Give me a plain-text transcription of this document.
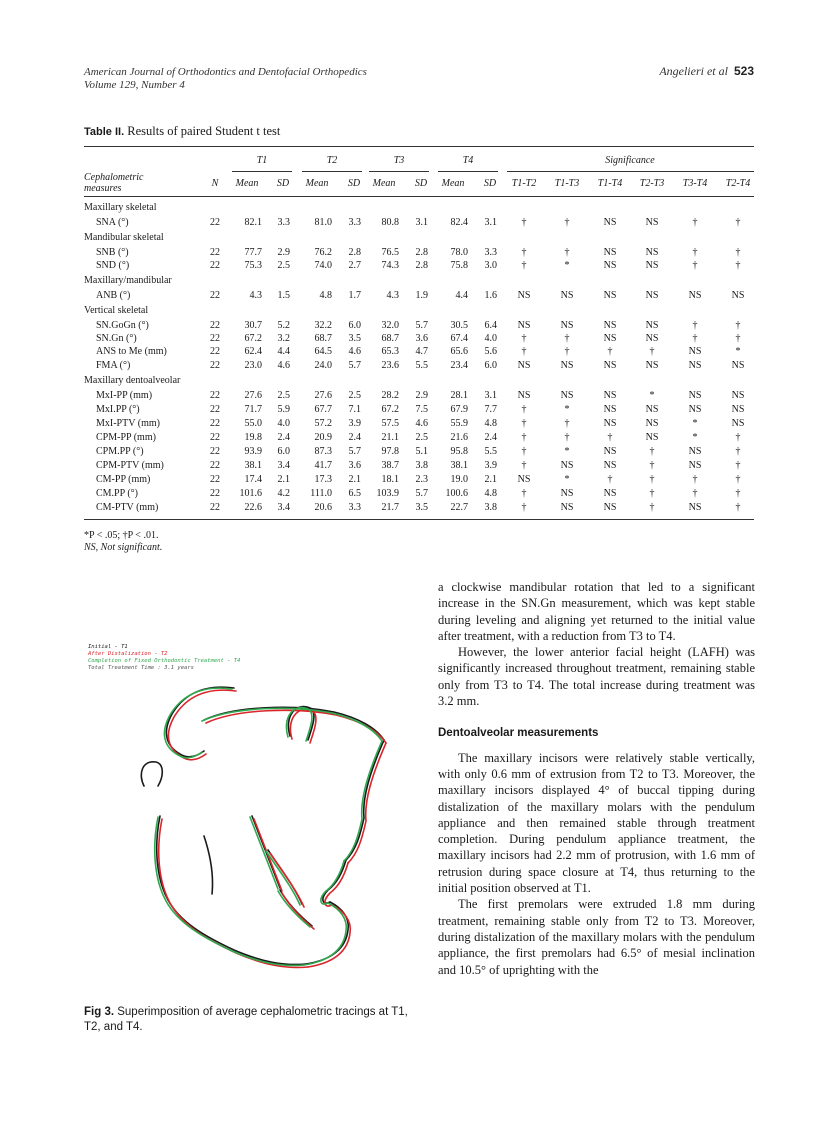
American Journal of Orthodontics and Dentofacial Orthopedics
Volume 129, Number 4
Angelieri et al 523
Table II. Results of paired Student t test
Cephalometric
measures	N
T1	T2	T3	T4	Significance
Mean	SD	Mean	SD	Mean	SD	Mean	SD	T1-T2	T1-T3	T1-T4	T2-T3	T3-T4	T2-T4
Maxillary skeletal
SNA (°)	22	82.1	3.3	81.0	3.3	80.8	3.1	82.4	3.1	†	†	NS	NS	†	†
Mandibular skeletal
SNB (°)	22	77.7	2.9	76.2	2.8	76.5	2.8	78.0	3.3	†	†	NS	NS	†	†
SND (°)	22	75.3	2.5	74.0	2.7	74.3	2.8	75.8	3.0	†	*	NS	NS	†	†
Maxillary/mandibular
ANB (°)	22	4.3	1.5	4.8	1.7	4.3	1.9	4.4	1.6	NS	NS	NS	NS	NS	NS
Vertical skeletal
SN.GoGn (°)	22	30.7	5.2	32.2	6.0	32.0	5.7	30.5	6.4	NS	NS	NS	NS	†	†
SN.Gn (°)	22	67.2	3.2	68.7	3.5	68.7	3.6	67.4	4.0	†	†	NS	NS	†	†
ANS to Me (mm)	22	62.4	4.4	64.5	4.6	65.3	4.7	65.6	5.6	†	†	†	†	NS	*
FMA (°)	22	23.0	4.6	24.0	5.7	23.6	5.5	23.4	6.0	NS	NS	NS	NS	NS	NS
Maxillary dentoalveolar
MxI-PP (mm)	22	27.6	2.5	27.6	2.5	28.2	2.9	28.1	3.1	NS	NS	NS	*	NS	NS
MxI.PP (°)	22	71.7	5.9	67.7	7.1	67.2	7.5	67.9	7.7	†	*	NS	NS	NS	NS
MxI-PTV (mm)	22	55.0	4.0	57.2	3.9	57.5	4.6	55.9	4.8	†	†	NS	NS	*	NS
CPM-PP (mm)	22	19.8	2.4	20.9	2.4	21.1	2.5	21.6	2.4	†	†	†	NS	*	†
CPM.PP (°)	22	93.9	6.0	87.3	5.7	97.8	5.1	95.8	5.5	†	*	NS	†	NS	†
CPM-PTV (mm)	22	38.1	3.4	41.7	3.6	38.7	3.8	38.1	3.9	†	NS	NS	†	NS	†
CM-PP (mm)	22	17.4	2.1	17.3	2.1	18.1	2.3	19.0	2.1	NS	*	†	†	†	†
CM.PP (°)	22	101.6	4.2	111.0	6.5	103.9	5.7	100.6	4.8	†	NS	NS	†	†	†
CM-PTV (mm)	22	22.6	3.4	20.6	3.3	21.7	3.5	22.7	3.8	†	NS	NS	†	NS	†
*P < .05; †P < .01.
NS, Not significant.
Initial - T1
After Distalization - T2
Completion of Fixed Orthodontic Treatment - T4
Total Treatment Time : 3.1 years
Fig 3. Superimposition of average cephalometric tracings at T1, T2, and T4.

a clockwise mandibular rotation that led to a significant increase in the SN.Gn measurement, which was kept stable during leveling and aligning yet returned to the initial value after treatment, with a reduction from T3 to T4.

However, the lower anterior facial height (LAFH) was significantly increased throughout treatment, remaining stable only from T3 to T4. The total increase during treatment was 3.2 mm.

Dentoalveolar measurements

The maxillary incisors were relatively stable vertically, with only 0.6 mm of extrusion from T2 to T3. Moreover, the maxillary incisors displayed 4° of buccal tipping during distalization of the maxillary molars with the pendulum appliance and then remained stable through treatment completion. During pendulum appliance treatment, the maxillary incisors had 2.2 mm of protrusion, with 1.6 mm of retrusion during space closure at T4, thus returning to the initial position observed at T1.

The first premolars were extruded 1.8 mm during treatment, remaining stable only from T2 to T3. Moreover, during distalization of the maxillary molars with the pendulum appliance, the first premolars had 6.5° of mesial inclination and 10.5° of uprighting with the
